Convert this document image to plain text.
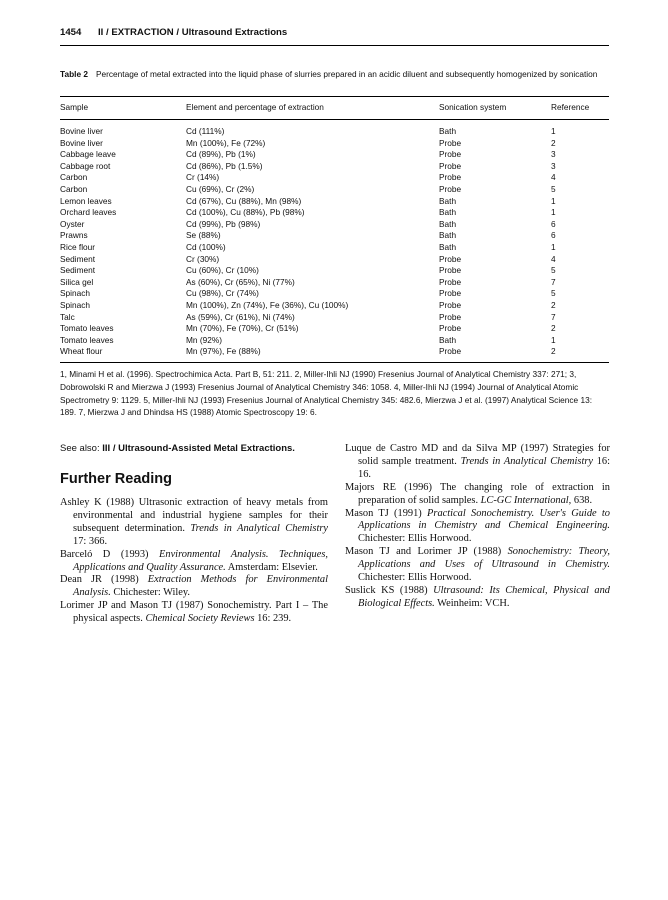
1454 II / EXTRACTION / Ultrasound Extractions
Table 2 Percentage of metal extracted into the liquid phase of slurries prepared in an acidic diluent and subsequently homogenized by sonication
Sample	Element and percentage of extraction	Sonication system	Reference
Bovine liver	Cd (111%)	Bath	1
Bovine liver	Mn (100%), Fe (72%)	Probe	2
Cabbage leave	Cd (89%), Pb (1%)	Probe	3
Cabbage root	Cd (86%), Pb (1.5%)	Probe	3
Carbon	Cr (14%)	Probe	4
Carbon	Cu (69%), Cr (2%)	Probe	5
Lemon leaves	Cd (67%), Cu (88%), Mn (98%)	Bath	1
Orchard leaves	Cd (100%), Cu (88%), Pb (98%)	Bath	1
Oyster	Cd (99%), Pb (98%)	Bath	6
Prawns	Se (88%)	Bath	6
Rice flour	Cd (100%)	Bath	1
Sediment	Cr (30%)	Probe	4
Sediment	Cu (60%), Cr (10%)	Probe	5
Silica gel	As (60%), Cr (65%), Ni (77%)	Probe	7
Spinach	Cu (98%), Cr (74%)	Probe	5
Spinach	Mn (100%), Zn (74%), Fe (36%), Cu (100%)	Probe	2
Talc	As (59%), Cr (61%), Ni (74%)	Probe	7
Tomato leaves	Mn (70%), Fe (70%), Cr (51%)	Probe	2
Tomato leaves	Mn (92%)	Bath	1
Wheat flour	Mn (97%), Fe (88%)	Probe	2
1, Minami H et al. (1996). Spectrochimica Acta. Part B, 51: 211. 2, Miller-Ihli NJ (1990) Fresenius Journal of Analytical Chemistry 337: 271; 3, Dobrowolski R and Mierzwa J (1993) Fresenius Journal of Analytical Chemistry 346: 1058. 4, Miller-Ihli NJ (1994) Journal of Analytical Atomic Spectrometry 9: 1129. 5, Miller-Ihli NJ (1993) Fresenius Journal of Analytical Chemistry 345: 482.6, Mierzwa J et al. (1997) Analytical Science 13: 189. 7, Mierzwa J and Dhindsa HS (1988) Atomic Spectroscopy 19: 6.
See also: III / Ultrasound-Assisted Metal Extractions.
Further Reading
Ashley K (1988) Ultrasonic extraction of heavy metals from environmental and industrial hygiene samples for their subsequent determination. Trends in Analytical Chemistry 17: 366.
Barceló D (1993) Environmental Analysis. Techniques, Applications and Quality Assurance. Amsterdam: Elsevier.
Dean JR (1998) Extraction Methods for Environmental Analysis. Chichester: Wiley.
Lorimer JP and Mason TJ (1987) Sonochemistry. Part I – The physical aspects. Chemical Society Reviews 16: 239.
Luque de Castro MD and da Silva MP (1997) Strategies for solid sample treatment. Trends in Analytical Chemistry 16: 16.
Majors RE (1996) The changing role of extraction in preparation of solid samples. LC-GC International, 638.
Mason TJ (1991) Practical Sonochemistry. User's Guide to Applications in Chemistry and Chemical Engineering. Chichester: Ellis Horwood.
Mason TJ and Lorimer JP (1988) Sonochemistry: Theory, Applications and Uses of Ultrasound in Chemistry. Chichester: Ellis Horwood.
Suslick KS (1988) Ultrasound: Its Chemical, Physical and Biological Effects. Weinheim: VCH.
